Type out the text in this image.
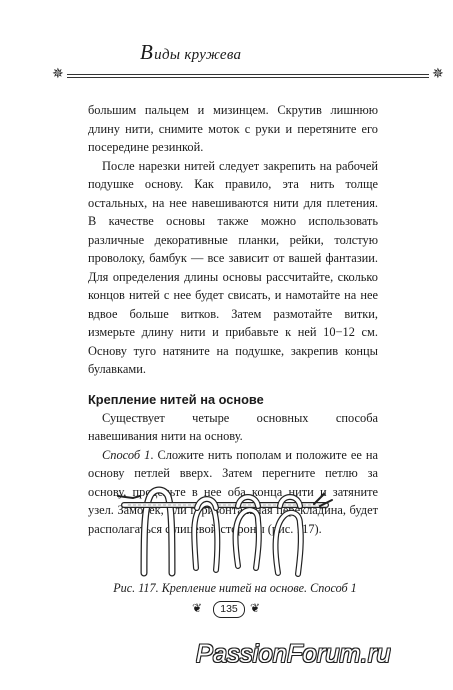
Виды кружева
✵	✵

большим пальцем и мизинцем. Скрутив лишнюю длину нити, снимите моток с руки и перетяните его посередине резинкой.

После нарезки нитей следует закрепить на рабочей подушке основу. Как правило, эта нить толще остальных, на нее навешиваются нити для плетения. В качестве основы также можно использовать различные декоративные планки, рейки, толстую проволоку, бамбук — все зависит от вашей фантазии. Для определения длины основы рассчитайте, сколько концов нитей с нее будет свисать, и намотайте на нее вдвое больше витков. Затем размотайте витки, измерьте длину нити и прибавьте к ней 10−12 см. Основу туго натяните на подушке, закрепив концы булавками.

Крепление нитей на основе

Существует четыре основных способа навешивания нити на основу.

Способ 1. Сложите нить пополам и положите ее на основу петлей вверх. Затем перегните петлю за основу, проденьте в нее оба конца нити и затяните узел. Замочек, или горизонтальная перекладина, будет располагаться с лицевой стороны (рис. 117).

Рис. 117. Крепление нитей на основе. Способ 1
❦	135	❦
PassionForum.ru
